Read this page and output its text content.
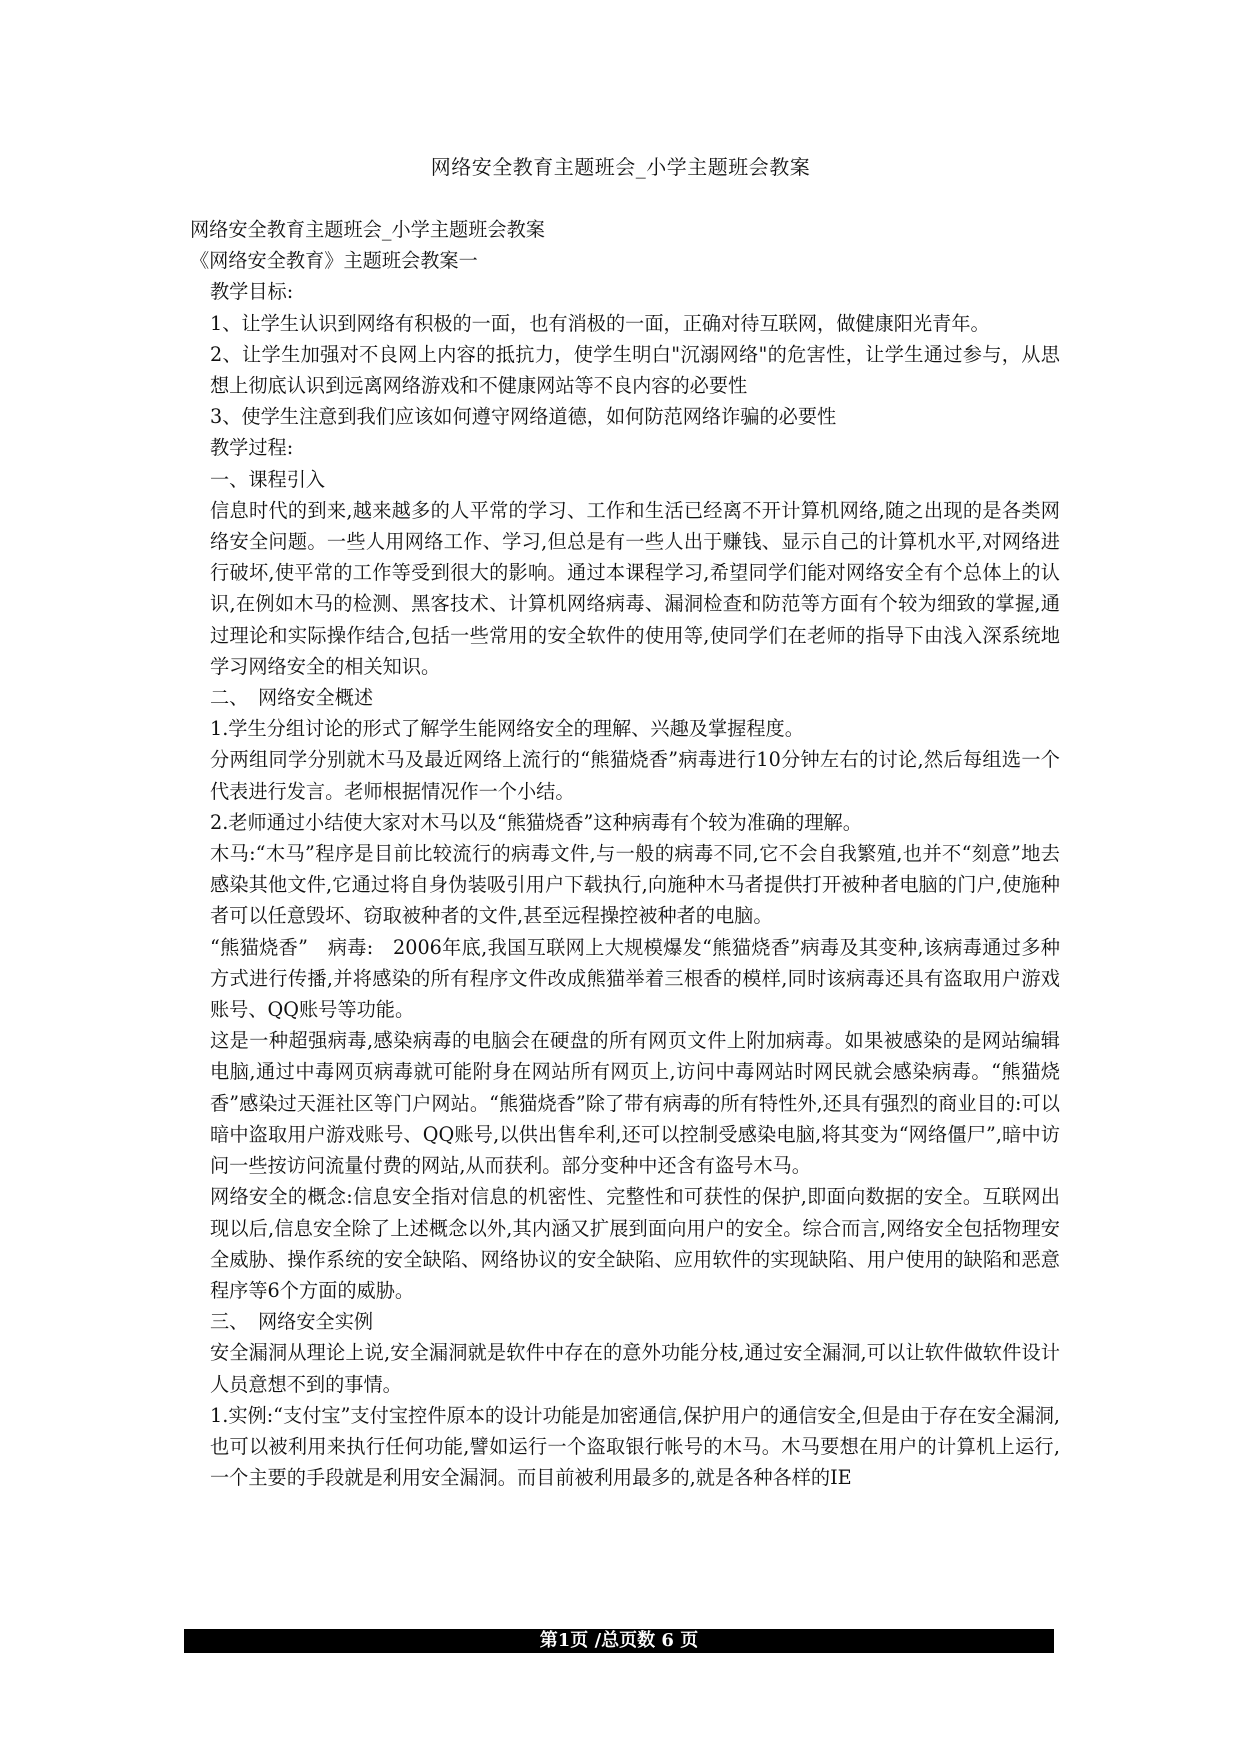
网络安全教育主题班会_小学主题班会教案

网络安全教育主题班会_小学主题班会教案

《网络安全教育》主题班会教案一

教学目标:

1、让学生认识到网络有积极的一面，也有消极的一面，正确对待互联网，做健康阳光青年。

2、让学生加强对不良网上内容的抵抗力，使学生明白"沉溺网络"的危害性，让学生通过参与，从思想上彻底认识到远离网络游戏和不健康网站等不良内容的必要性

3、使学生注意到我们应该如何遵守网络道德，如何防范网络诈骗的必要性

教学过程:

一、课程引入

信息时代的到来,越来越多的人平常的学习、工作和生活已经离不开计算机网络,随之出现的是各类网络安全问题。一些人用网络工作、学习,但总是有一些人出于赚钱、显示自己的计算机水平,对网络进行破坏,使平常的工作等受到很大的影响。通过本课程学习,希望同学们能对网络安全有个总体上的认识,在例如木马的检测、黑客技术、计算机网络病毒、漏洞检查和防范等方面有个较为细致的掌握,通过理论和实际操作结合,包括一些常用的安全软件的使用等,使同学们在老师的指导下由浅入深系统地学习网络安全的相关知识。

二、　网络安全概述

1.学生分组讨论的形式了解学生能网络安全的理解、兴趣及掌握程度。

分两组同学分别就木马及最近网络上流行的“熊猫烧香”病毒进行10分钟左右的讨论,然后每组选一个代表进行发言。老师根据情况作一个小结。

2.老师通过小结使大家对木马以及“熊猫烧香”这种病毒有个较为准确的理解。

木马:“木马”程序是目前比较流行的病毒文件,与一般的病毒不同,它不会自我繁殖,也并不“刻意”地去感染其他文件,它通过将自身伪装吸引用户下载执行,向施种木马者提供打开被种者电脑的门户,使施种者可以任意毁坏、窃取被种者的文件,甚至远程操控被种者的电脑。

“熊猫烧香”　病毒:　2006年底,我国互联网上大规模爆发“熊猫烧香”病毒及其变种,该病毒通过多种方式进行传播,并将感染的所有程序文件改成熊猫举着三根香的模样,同时该病毒还具有盗取用户游戏账号、QQ账号等功能。

这是一种超强病毒,感染病毒的电脑会在硬盘的所有网页文件上附加病毒。如果被感染的是网站编辑电脑,通过中毒网页病毒就可能附身在网站所有网页上,访问中毒网站时网民就会感染病毒。“熊猫烧香”感染过天涯社区等门户网站。“熊猫烧香”除了带有病毒的所有特性外,还具有强烈的商业目的:可以暗中盗取用户游戏账号、QQ账号,以供出售牟利,还可以控制受感染电脑,将其变为“网络僵尸”,暗中访问一些按访问流量付费的网站,从而获利。部分变种中还含有盗号木马。

网络安全的概念:信息安全指对信息的机密性、完整性和可获性的保护,即面向数据的安全。互联网出现以后,信息安全除了上述概念以外,其内涵又扩展到面向用户的安全。综合而言,网络安全包括物理安全威胁、操作系统的安全缺陷、网络协议的安全缺陷、应用软件的实现缺陷、用户使用的缺陷和恶意程序等6个方面的威胁。

三、　网络安全实例

安全漏洞从理论上说,安全漏洞就是软件中存在的意外功能分枝,通过安全漏洞,可以让软件做软件设计人员意想不到的事情。

1.实例:“支付宝”支付宝控件原本的设计功能是加密通信,保护用户的通信安全,但是由于存在安全漏洞,也可以被利用来执行任何功能,譬如运行一个盗取银行帐号的木马。木马要想在用户的计算机上运行,一个主要的手段就是利用安全漏洞。而目前被利用最多的,就是各种各样的IE

第1页 /总页数 6 页
